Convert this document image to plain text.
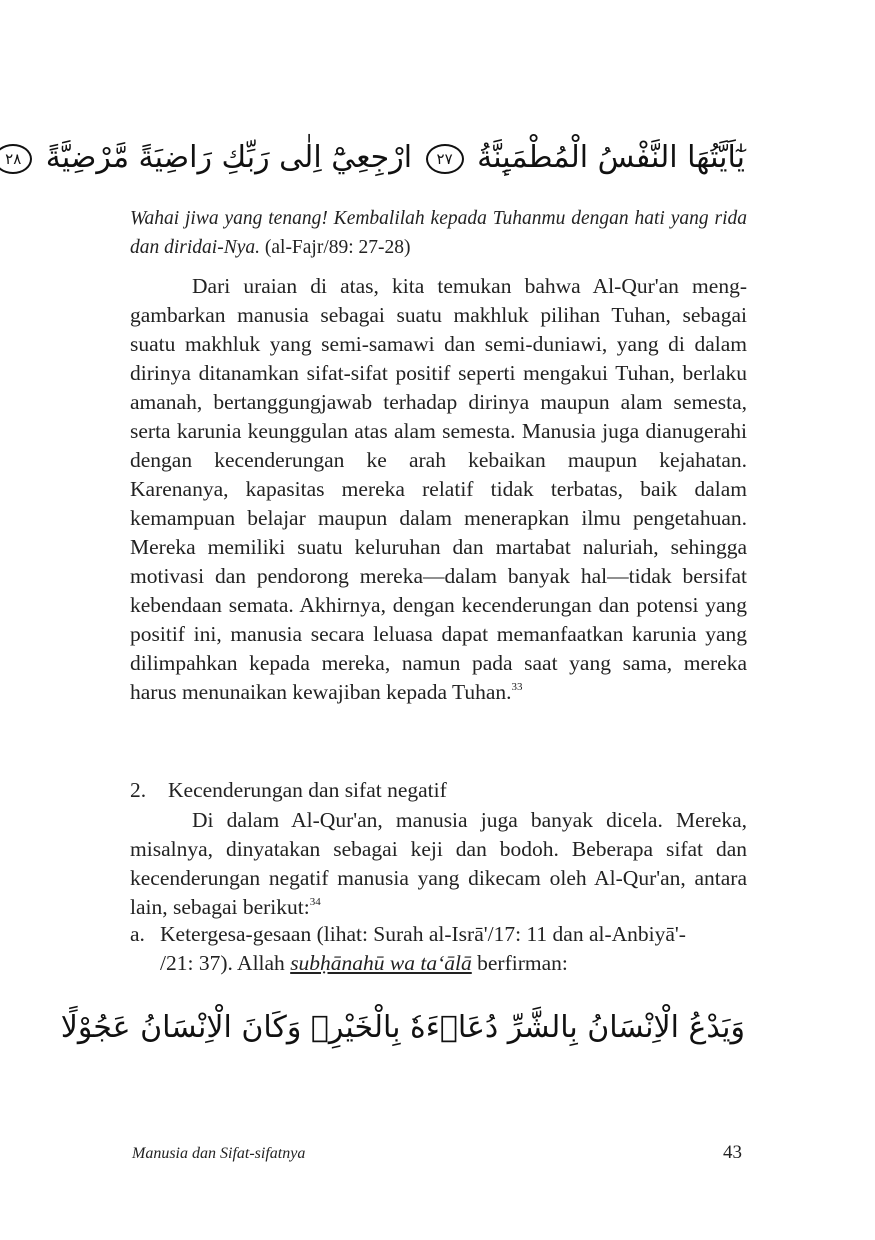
يٰٓاَيَّتُهَا النَّفْسُ الْمُطْمَىِٕنَّةُ ٢٧ ارْجِعِيْٓ اِلٰى رَبِّكِ رَاضِيَةً مَّرْضِيَّةً ٢٨
Wahai jiwa yang tenang! Kembalilah kepada Tuhanmu dengan hati yang rida dan diridai-Nya. (al-Fajr/89: 27-28)

Dari uraian di atas, kita temukan bahwa Al-Qur'an menggambarkan manusia sebagai suatu makhluk pilihan Tuhan, sebagai suatu makhluk yang semi-samawi dan semi-duniawi, yang di dalam dirinya ditanamkan sifat-sifat positif seperti mengakui Tuhan, berlaku amanah, bertanggungjawab terhadap dirinya maupun alam semesta, serta karunia keunggulan atas alam semesta. Manusia juga dianugerahi dengan kecenderungan ke arah kebaikan maupun kejahatan. Karenanya, kapasitas mereka relatif tidak terbatas, baik dalam kemampuan belajar maupun dalam menerapkan ilmu pengetahuan. Mereka memiliki suatu keluruhan dan martabat naluriah, sehingga motivasi dan pendorong mereka—dalam banyak hal—tidak bersifat kebendaan semata. Akhirnya, dengan kecenderungan dan potensi yang positif ini, manusia secara leluasa dapat memanfaatkan karunia yang dilimpahkan kepada mereka, namun pada saat yang sama, mereka harus menunaikan kewajiban kepada Tuhan.$^{33}$

2. Kecenderungan dan sifat negatif

Di dalam Al-Qur'an, manusia juga banyak dicela. Mereka, misalnya, dinyatakan sebagai keji dan bodoh. Beberapa sifat dan kecenderungan negatif manusia yang dikecam oleh Al-Qur'an, antara lain, sebagai berikut:$^{34}$

a. Ketergesa-gesaan (lihat: Surah al-Isrā'/17: 11 dan al-Anbiyā'-
/21: 37). Allah subḥānahū wa ta‘ālā berfirman:
وَيَدْعُ الْاِنْسَانُ بِالشَّرِّ دُعَاۤءَهٗ بِالْخَيْرِۗ وَكَانَ الْاِنْسَانُ عَجُوْلًا
Manusia dan Sifat-sifatnya	43
